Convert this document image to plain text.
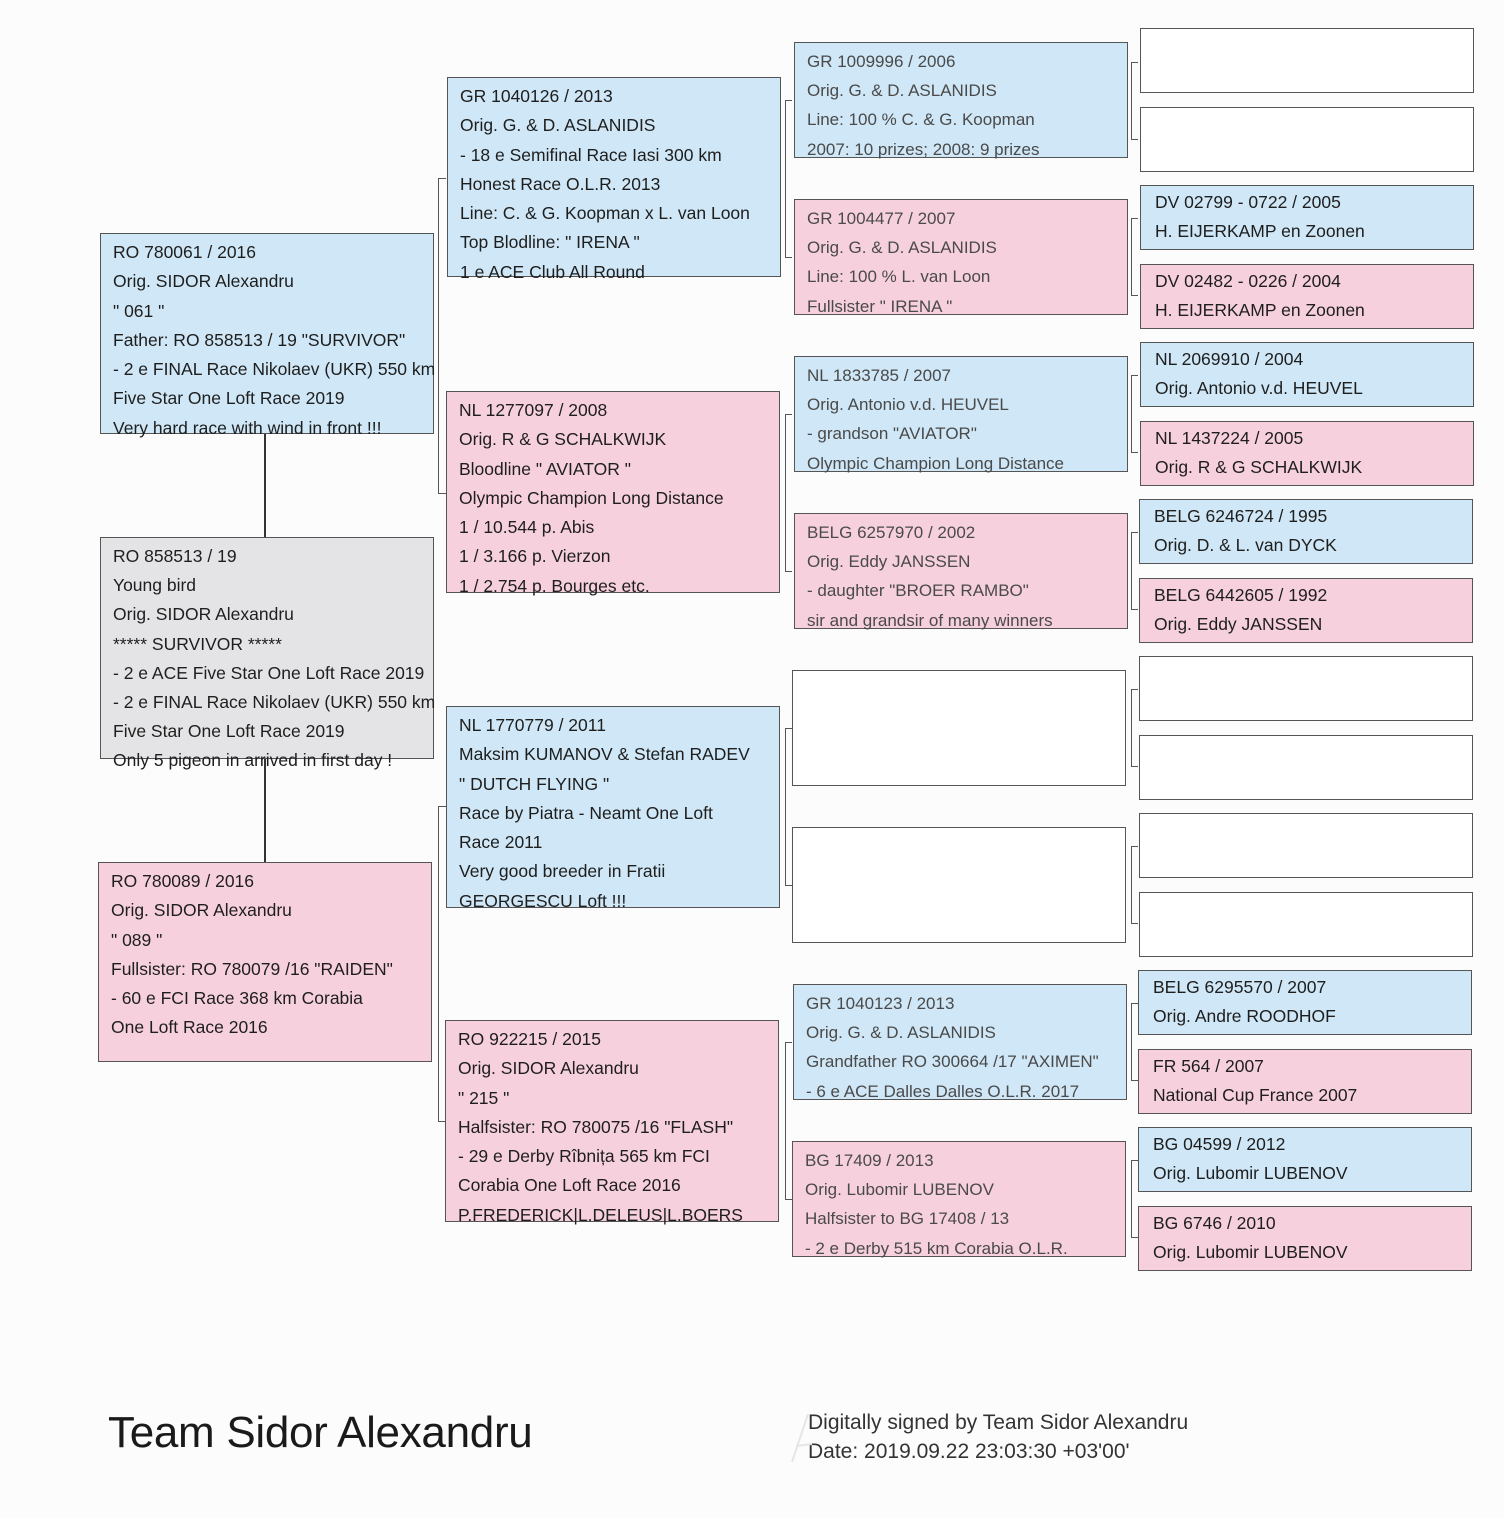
RO 780061 / 2016
Orig. SIDOR Alexandru
" 061 "
Father: RO 858513 / 19 "SURVIVOR"
- 2 e FINAL Race Nikolaev (UKR) 550 km
Five Star One Loft Race 2019
Very hard race with wind in front !!!
RO 858513 / 19
Young bird
Orig. SIDOR Alexandru
***** SURVIVOR *****
- 2 e ACE Five Star One Loft Race 2019
- 2 e FINAL Race Nikolaev (UKR) 550 km
Five Star One Loft Race 2019
Only 5 pigeon in arrived in first day !
RO 780089 / 2016
Orig. SIDOR Alexandru
" 089 "
Fullsister: RO 780079 /16 "RAIDEN"
- 60 e FCI Race 368 km Corabia
One Loft Race 2016
GR 1040126 / 2013
Orig. G. & D. ASLANIDIS
- 18 e Semifinal Race Iasi 300 km
Honest Race O.L.R. 2013
Line: C. & G. Koopman x L. van Loon
Top Blodline: " IRENA "
1 e ACE Club All Round
NL 1277097 / 2008
Orig. R & G SCHALKWIJK
Bloodline " AVIATOR "
Olympic Champion Long Distance
1 / 10.544 p. Abis
1 / 3.166 p. Vierzon
1 / 2.754 p. Bourges etc.
NL 1770779 / 2011
Maksim KUMANOV & Stefan RADEV
" DUTCH FLYING "
Race by Piatra - Neamt One Loft
Race 2011
Very good breeder in Fratii
GEORGESCU Loft !!!
RO 922215 / 2015
Orig. SIDOR Alexandru
" 215 "
Halfsister: RO 780075 /16 "FLASH"
- 29 e Derby Rîbnița 565 km FCI
Corabia One Loft Race 2016
P.FREDERICK|L.DELEUS|L.BOERS
GR 1009996 / 2006
Orig. G. & D. ASLANIDIS
Line: 100 % C. & G. Koopman
2007: 10 prizes; 2008: 9 prizes
GR 1004477 / 2007
Orig. G. & D. ASLANIDIS
Line: 100 % L. van Loon
Fullsister " IRENA "
NL 1833785 / 2007
Orig. Antonio v.d. HEUVEL
- grandson "AVIATOR"
Olympic Champion Long Distance
BELG 6257970 / 2002
Orig. Eddy JANSSEN
- daughter "BROER RAMBO"
sir and grandsir of many winners
GR 1040123 / 2013
Orig. G. & D. ASLANIDIS
Grandfather RO 300664 /17 "AXIMEN"
- 6 e ACE Dalles Dalles O.L.R. 2017
BG 17409 / 2013
Orig. Lubomir LUBENOV
Halfsister to BG 17408 / 13
- 2 e Derby 515 km Corabia O.L.R.
DV 02799 - 0722 / 2005
H. EIJERKAMP en Zoonen
DV 02482 - 0226 / 2004
H. EIJERKAMP en Zoonen
NL 2069910 / 2004
Orig. Antonio v.d. HEUVEL
NL 1437224 / 2005
Orig. R & G SCHALKWIJK
BELG 6246724 / 1995
Orig. D. & L. van DYCK
BELG 6442605 / 1992
Orig. Eddy JANSSEN
BELG 6295570 / 2007
Orig. Andre ROODHOF
FR 564 / 2007
National Cup France 2007
BG 04599 / 2012
Orig. Lubomir LUBENOV
BG 6746 / 2010
Orig. Lubomir LUBENOV
Team Sidor Alexandru	Digitally signed by Team Sidor Alexandru
Date: 2019.09.22 23:03:30 +03'00'
